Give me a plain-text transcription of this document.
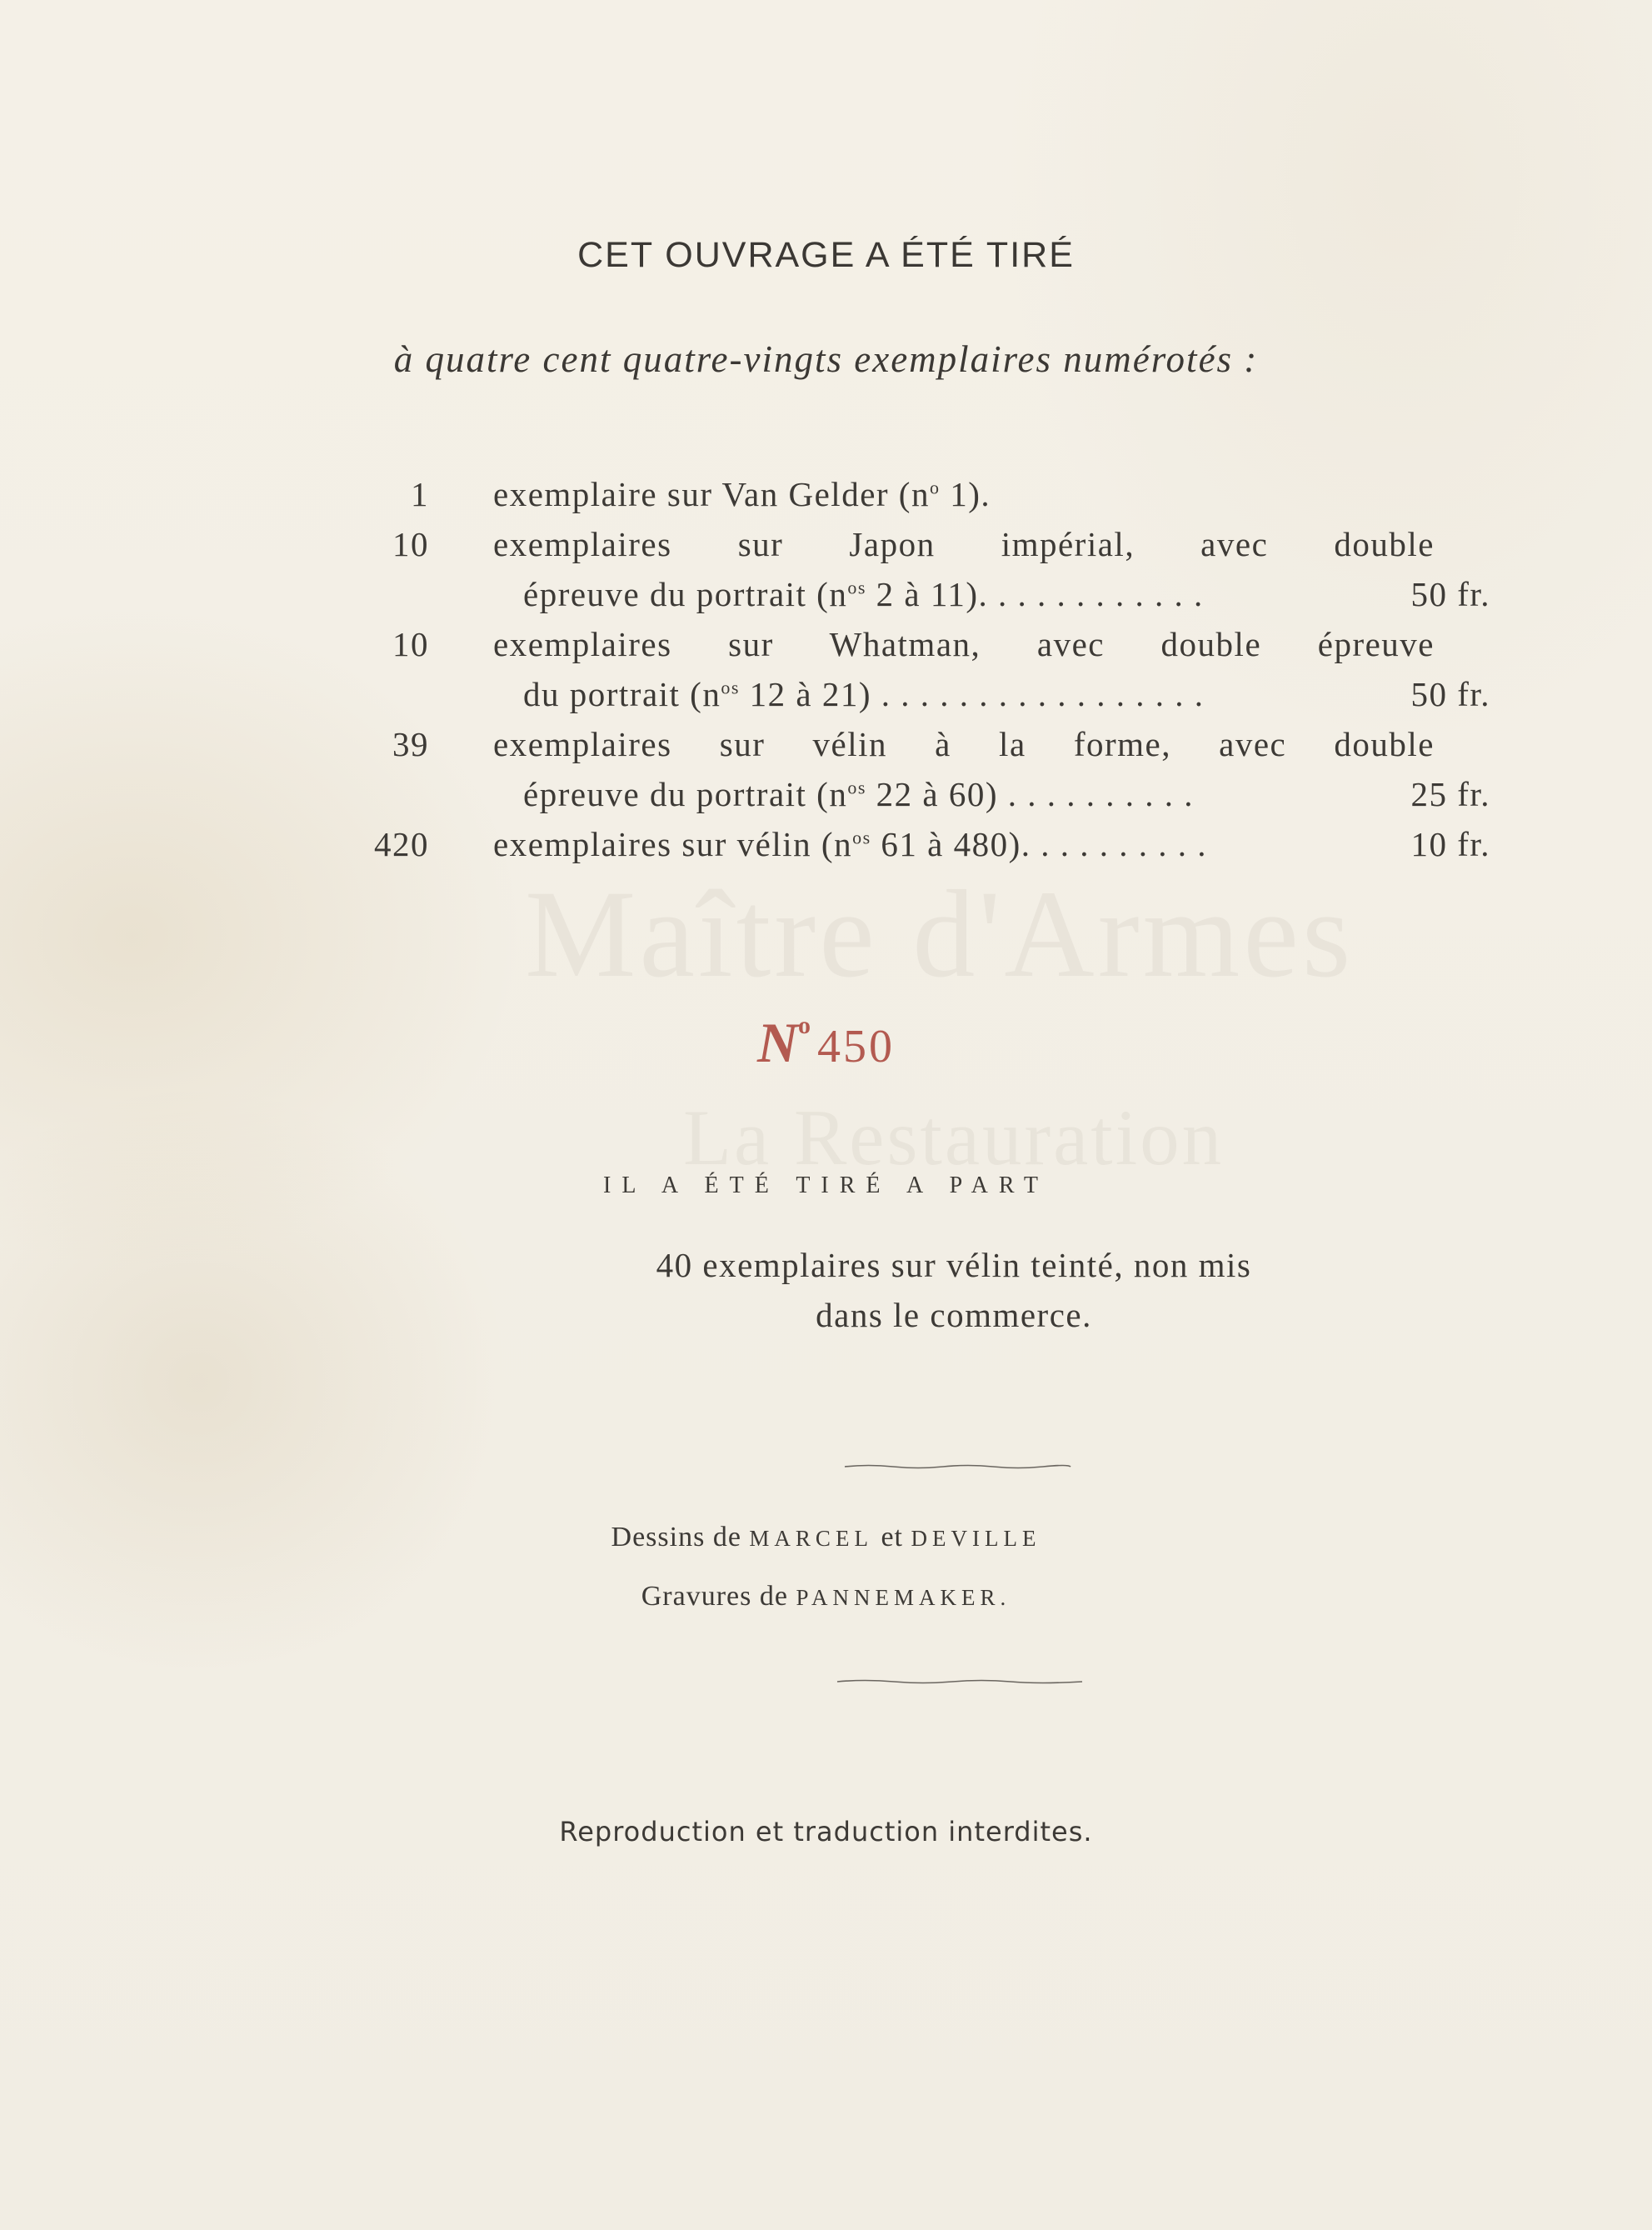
Maître d'Armes
La Restauration
CET OUVRAGE A ÉTÉ TIRÉ
à quatre cent quatre-vingts exemplaires numérotés :
1 exemplaire sur Van Gelder ($n^o$ 1).
10 exemplaires sur Japon impérial, avec double
épreuve du portrait ($n^{os}$ 2 à 11). . . . . . . . . . . .	50 fr.
10 exemplaires sur Whatman, avec double épreuve
du portrait ($n^{os}$ 12 à 21) . . . . . . . . . . . . . . . . .	50 fr.
39 exemplaires sur vélin à la forme, avec double
épreuve du portrait ($n^{os}$ 22 à 60) . . . . . . . . . .	25 fr.
420 exemplaires sur vélin ($n^{os}$ 61 à 480). . . . . . . . . .	10 fr.
$N^o$ 450
IL A ÉTÉ TIRÉ A PART
40 exemplaires sur vélin teinté, non mis
dans le commerce.
Dessins de MARCEL et DEVILLE
Gravures de PANNEMAKER.
Reproduction et traduction interdites.
